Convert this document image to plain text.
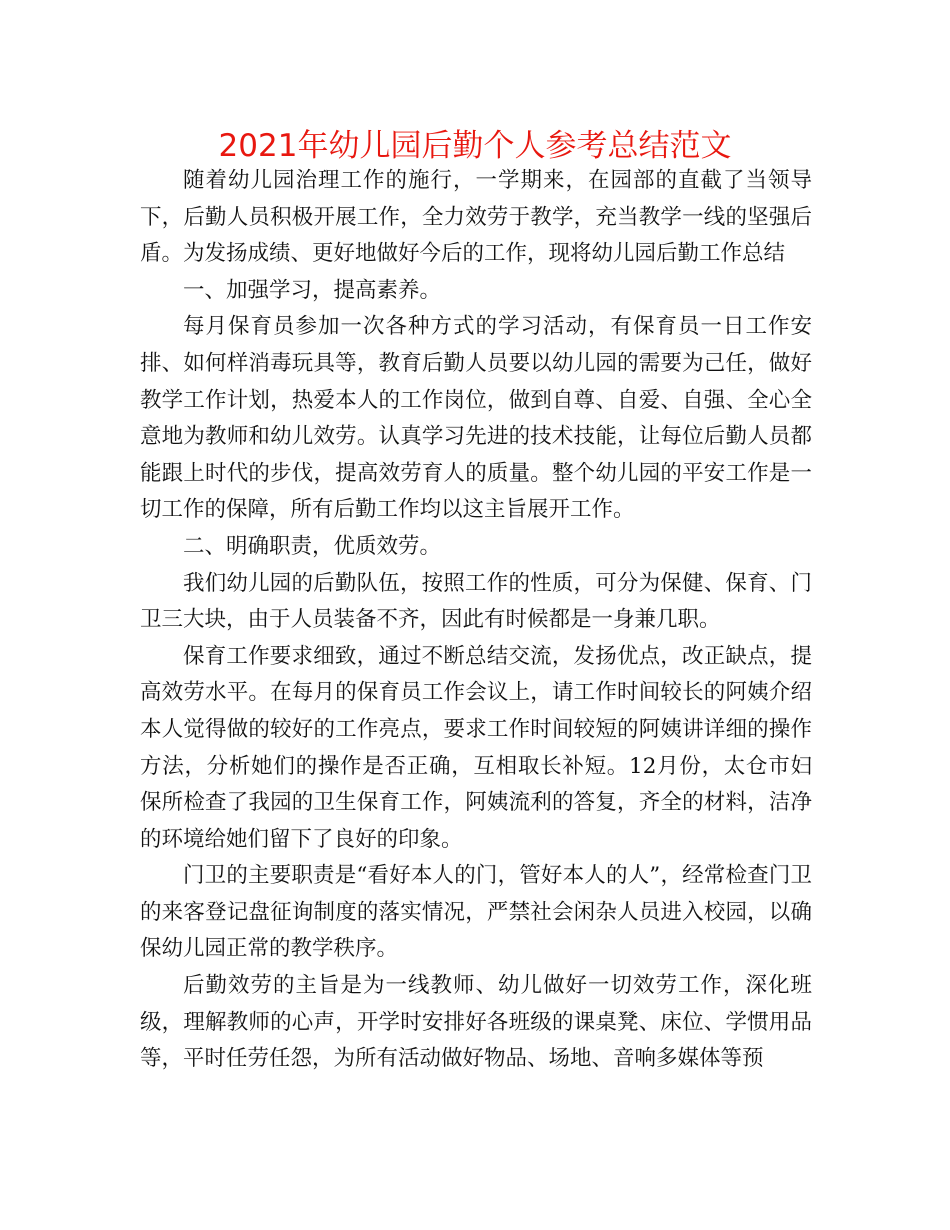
2021年幼儿园后勤个人参考总结范文

随着幼儿园治理工作的施行，一学期来，在园部的直截了当领导下，后勤人员积极开展工作，全力效劳于教学，充当教学一线的坚强后盾。为发扬成绩、更好地做好今后的工作，现将幼儿园后勤工作总结

一、加强学习，提高素养。

每月保育员参加一次各种方式的学习活动，有保育员一日工作安排、如何样消毒玩具等，教育后勤人员要以幼儿园的需要为己任，做好教学工作计划，热爱本人的工作岗位，做到自尊、自爱、自强、全心全意地为教师和幼儿效劳。认真学习先进的技术技能，让每位后勤人员都能跟上时代的步伐，提高效劳育人的质量。整个幼儿园的平安工作是一切工作的保障，所有后勤工作均以这主旨展开工作。

二、明确职责，优质效劳。

我们幼儿园的后勤队伍，按照工作的性质，可分为保健、保育、门卫三大块，由于人员装备不齐，因此有时候都是一身兼几职。

保育工作要求细致，通过不断总结交流，发扬优点，改正缺点，提高效劳水平。在每月的保育员工作会议上，请工作时间较长的阿姨介绍本人觉得做的较好的工作亮点，要求工作时间较短的阿姨讲详细的操作方法，分析她们的操作是否正确，互相取长补短。12月份，太仓市妇保所检查了我园的卫生保育工作，阿姨流利的答复，齐全的材料，洁净的环境给她们留下了良好的印象。

门卫的主要职责是“看好本人的门，管好本人的人”，经常检查门卫的来客登记盘征询制度的落实情况，严禁社会闲杂人员进入校园，以确保幼儿园正常的教学秩序。

后勤效劳的主旨是为一线教师、幼儿做好一切效劳工作，深化班级，理解教师的心声，开学时安排好各班级的课桌凳、床位、学惯用品等，平时任劳任怨，为所有活动做好物品、场地、音响多媒体等预
